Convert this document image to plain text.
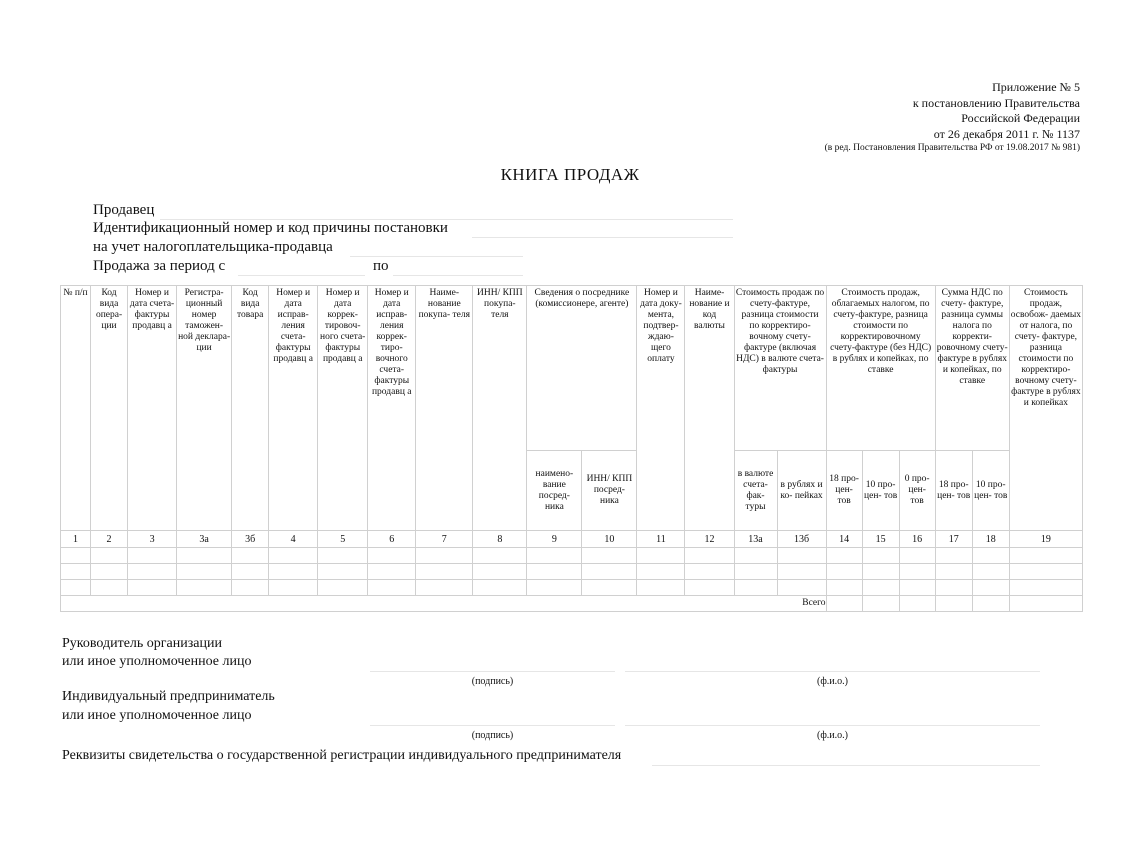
Приложение № 5
к постановлению Правительства
Российской Федерации
от 26 декабря 2011 г. № 1137
(в ред. Постановления Правительства РФ от 19.08.2017 № 981)
КНИГА ПРОДАЖ
Продавец
Идентификационный номер и код причины постановки
на учет налогоплательщика-продавца
Продажа за период с	по
№ п/п	Код вида опера- ции	Номер и дата счета- фактуры продавц а	Регистра- ционный номер таможен- ной деклара- ции	Код вида товара	Номер и дата исправ- ления счета- фактуры продавц а	Номер и дата коррек- тировоч- ного счета- фактуры продавц а	Номер и дата исправ- ления коррек- тиро- вочного счета- фактуры продавц а	Наиме- нование покупа- теля	ИНН/ КПП покупа- теля	Сведения о посреднике (комиссионере, агенте)		Номер и дата доку- мента, подтвер- ждаю- щего оплату	Наиме- нование и код валюты	Стоимость продаж по счету-фактуре, разница стоимости по корректиро- вочному счету- фактуре (включая НДС) в валюте счета-фактуры		Стоимость продаж, облагаемых налогом, по счету-фактуре, разница стоимости по корректировочному счету-фактуре (без НДС) в рублях и копейках, по ставке			Сумма НДС по счету- фактуре, разница суммы налога по корректи- ровочному счету- фактуре в рублях и копейках, по ставке		Стоимость продаж, освобож- даемых от налога, по счету- фактуре, разница стоимости по корректиро- вочному счету- фактуре в рублях и копейках
										наимено- вание посред- ника	ИНН/ КПП посред- ника			в валюте счета- фак- туры	в рублях и ко- пейках	18 про- цен- тов	10 про- цен- тов	0 про- цен- тов	18 про- цен- тов	10 про- цен- тов	
1	2	3	3а	3б	4	5	6	7	8	9	10	11	12	13а	13б	14	15	16	17	18	19

Всего																					
Руководитель организации
или иное уполномоченное лицо
(подпись)	(ф.и.о.)
Индивидуальный предприниматель
или иное уполномоченное лицо
(подпись)	(ф.и.о.)
Реквизиты свидетельства о государственной регистрации индивидуального предпринимателя
